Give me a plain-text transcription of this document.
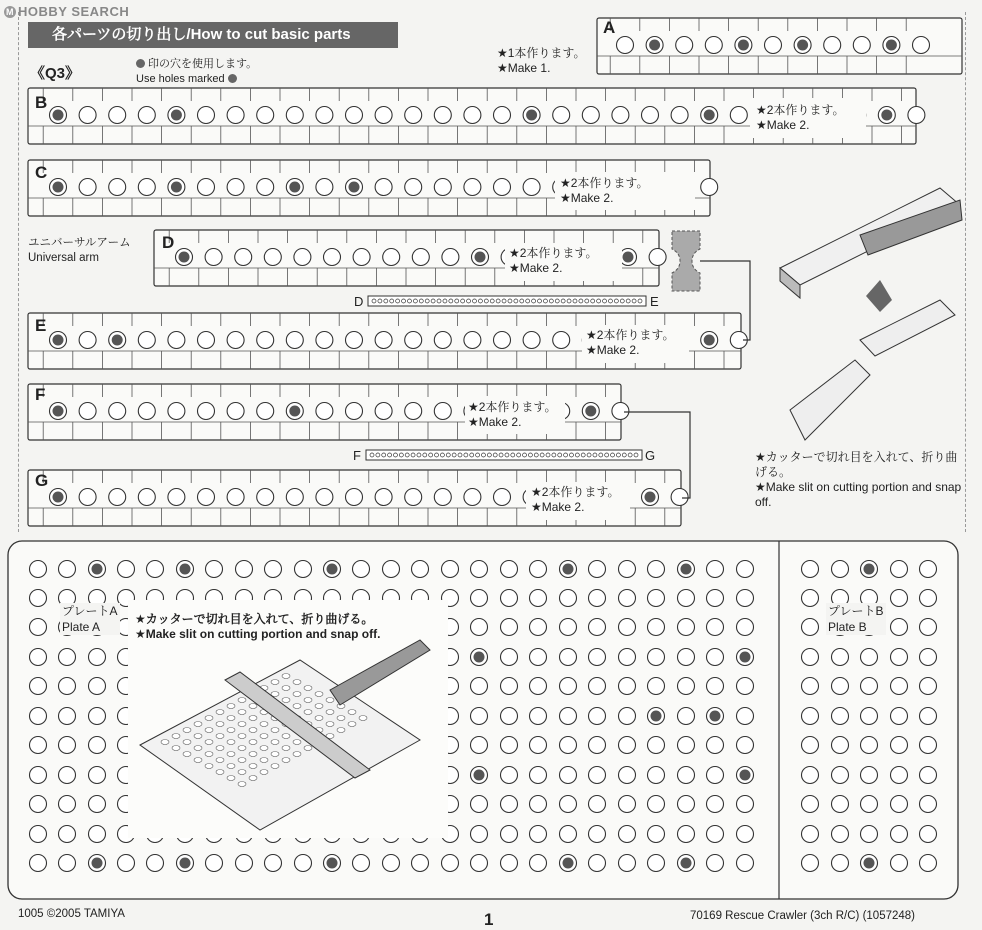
M HOBBY SEARCH
各パーツの切り出し/How to cut basic parts
《Q3》
印の穴を使用します。
Use holes marked
A
B
C
D
E
F
G
★1本作ります。
★Make 1.
★2本作ります。
★Make 2.
★2本作ります。
★Make 2.
★2本作ります。
★Make 2.
★2本作ります。
★Make 2.
★2本作ります。
★Make 2.
★2本作ります。
★Make 2.
ユニバーサルアーム
Universal arm
D	E
F	G	★カッターで切れ目を入れて、折り曲げる。
★Make slit on cutting portion and snap off.
プレートA
Plate A
プレートB
Plate B
★カッターで切れ目を入れて、折り曲げる。
★Make slit on cutting portion and snap off.
1005 ©2005 TAMIYA	1	70169 Rescue Crawler (3ch R/C) (1057248)
